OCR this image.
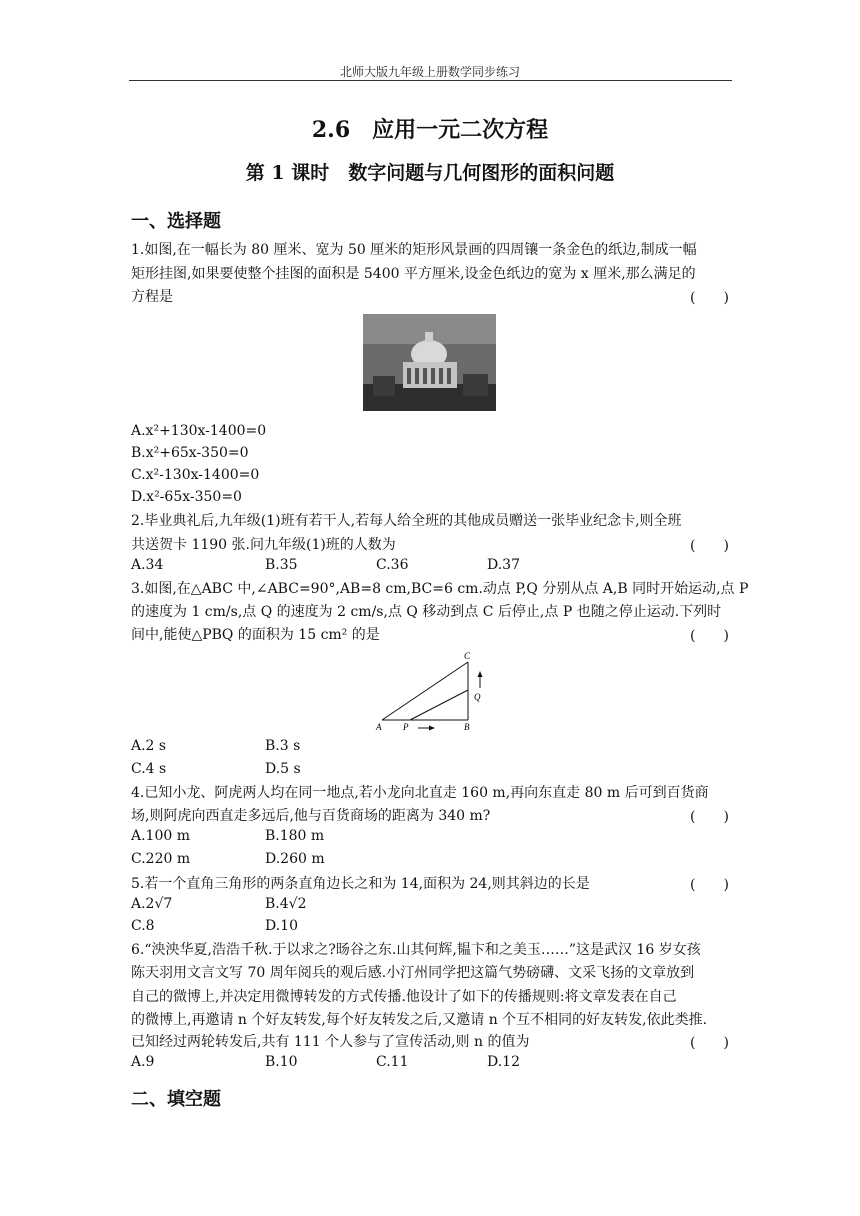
北师大版九年级上册数学同步练习
2.6　应用一元二次方程
第 1 课时　数字问题与几何图形的面积问题
一、选择题
1.如图,在一幅长为 80 厘米、宽为 50 厘米的矩形风景画的四周镶一条金色的纸边,制成一幅
矩形挂图,如果要使整个挂图的面积是 5400 平方厘米,设金色纸边的宽为 x 厘米,那么满足的
方程是	(　　)
A.x²+130x-1400=0
B.x²+65x-350=0
C.x²-130x-1400=0
D.x²-65x-350=0
2.毕业典礼后,九年级(1)班有若干人,若每人给全班的其他成员赠送一张毕业纪念卡,则全班
共送贺卡 1190 张.问九年级(1)班的人数为	(　　)
A.34	B.35	C.36	D.37
3.如图,在△ABC 中,∠ABC=90°,AB=8 cm,BC=6 cm.动点 P,Q 分别从点 A,B 同时开始运动,点 P
的速度为 1 cm/s,点 Q 的速度为 2 cm/s,点 Q 移动到点 C 后停止,点 P 也随之停止运动.下列时
间中,能使△PBQ 的面积为 15 cm² 的是	(　　)
A P	B
C
Q
A.2 s	B.3 s
C.4 s	D.5 s
4.已知小龙、阿虎两人均在同一地点,若小龙向北直走 160 m,再向东直走 80 m 后可到百货商
场,则阿虎向西直走多远后,他与百货商场的距离为 340 m?	(　　)
A.100 m	B.180 m
C.220 m	D.260 m
5.若一个直角三角形的两条直角边长之和为 14,面积为 24,则其斜边的长是	(　　)
A.2√7	B.4√2
C.8	D.10
6.“泱泱华夏,浩浩千秋.于以求之?旸谷之东.山其何辉,韫卞和之美玉……”这是武汉 16 岁女孩
陈天羽用文言文写 70 周年阅兵的观后感.小汀州同学把这篇气势磅礴、文采飞扬的文章放到
自己的微博上,并决定用微博转发的方式传播.他设计了如下的传播规则:将文章发表在自己
的微博上,再邀请 n 个好友转发,每个好友转发之后,又邀请 n 个互不相同的好友转发,依此类推.
已知经过两轮转发后,共有 111 个人参与了宣传活动,则 n 的值为	(　　)
A.9	B.10	C.11	D.12
二、填空题
